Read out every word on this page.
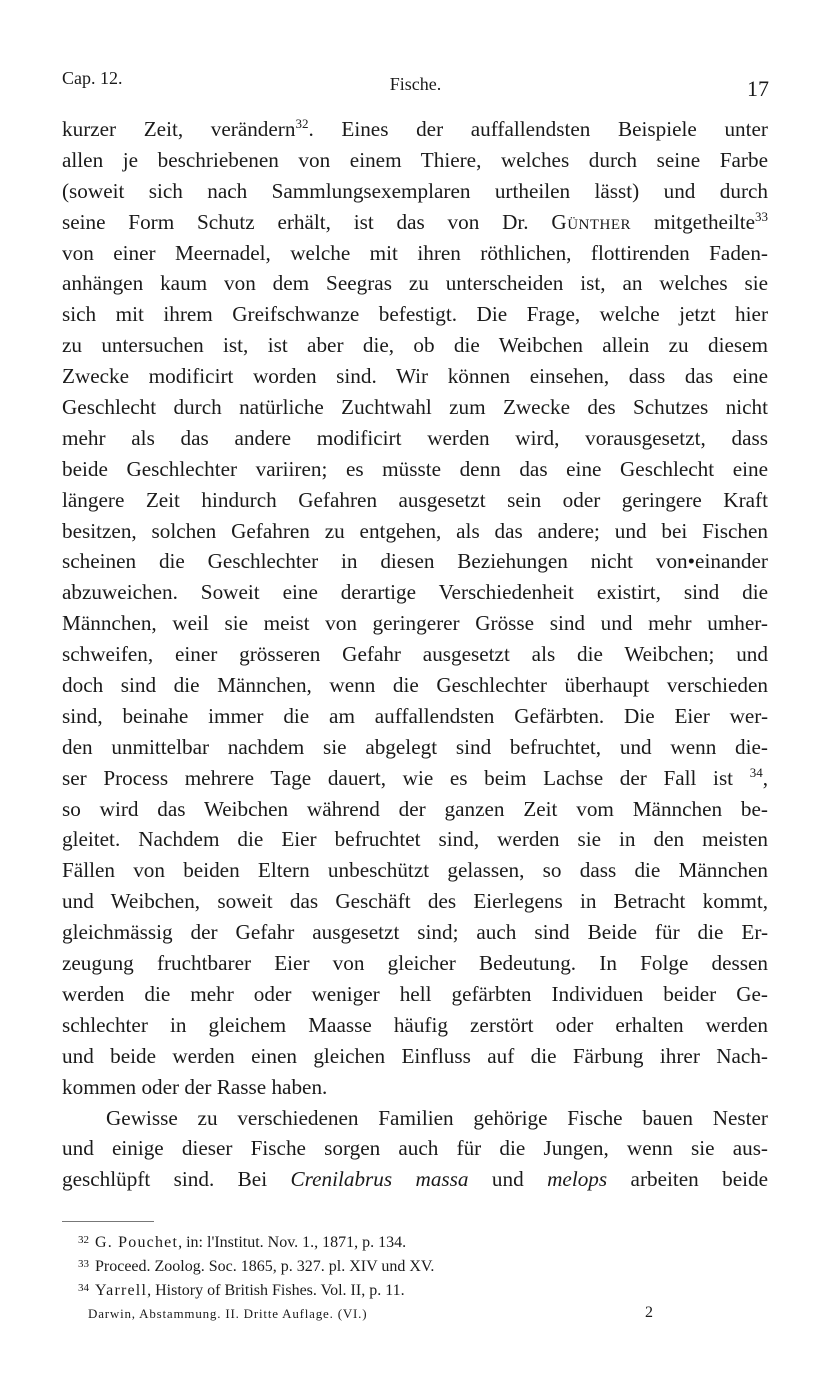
Cap. 12.	Fische.	17
kurzer Zeit, verändern$^{32}$. Eines der auffallendsten Beispiele unter
allen je beschriebenen von einem Thiere, welches durch seine Farbe
(soweit sich nach Sammlungsexemplaren urtheilen lässt) und durch
seine Form Schutz erhält, ist das von Dr. Günther mitgetheilte$^{33}$
von einer Meernadel, welche mit ihren röthlichen, flottirenden Faden-
anhängen kaum von dem Seegras zu unterscheiden ist, an welches sie
sich mit ihrem Greifschwanze befestigt. Die Frage, welche jetzt hier
zu untersuchen ist, ist aber die, ob die Weibchen allein zu diesem
Zwecke modificirt worden sind. Wir können einsehen, dass das eine
Geschlecht durch natürliche Zuchtwahl zum Zwecke des Schutzes nicht
mehr als das andere modificirt werden wird, vorausgesetzt, dass
beide Geschlechter variiren; es müsste denn das eine Geschlecht eine
längere Zeit hindurch Gefahren ausgesetzt sein oder geringere Kraft
besitzen, solchen Gefahren zu entgehen, als das andere; und bei Fischen
scheinen die Geschlechter in diesen Beziehungen nicht von•einander
abzuweichen. Soweit eine derartige Verschiedenheit existirt, sind die
Männchen, weil sie meist von geringerer Grösse sind und mehr umher-
schweifen, einer grösseren Gefahr ausgesetzt als die Weibchen; und
doch sind die Männchen, wenn die Geschlechter überhaupt verschieden
sind, beinahe immer die am auffallendsten Gefärbten. Die Eier wer-
den unmittelbar nachdem sie abgelegt sind befruchtet, und wenn die-
ser Process mehrere Tage dauert, wie es beim Lachse der Fall ist $^{34}$,
so wird das Weibchen während der ganzen Zeit vom Männchen be-
gleitet. Nachdem die Eier befruchtet sind, werden sie in den meisten
Fällen von beiden Eltern unbeschützt gelassen, so dass die Männchen
und Weibchen, soweit das Geschäft des Eierlegens in Betracht kommt,
gleichmässig der Gefahr ausgesetzt sind; auch sind Beide für die Er-
zeugung fruchtbarer Eier von gleicher Bedeutung. In Folge dessen
werden die mehr oder weniger hell gefärbten Individuen beider Ge-
schlechter in gleichem Maasse häufig zerstört oder erhalten werden
und beide werden einen gleichen Einfluss auf die Färbung ihrer Nach-
kommen oder der Rasse haben.
Gewisse zu verschiedenen Familien gehörige Fische bauen Nester
und einige dieser Fische sorgen auch für die Jungen, wenn sie aus-
geschlüpft sind. Bei Crenilabrus massa und melops arbeiten beide
$^{32}$ G. Pouchet, in: l'Institut. Nov. 1., 1871, p. 134.
$^{33}$ Proceed. Zoolog. Soc. 1865, p. 327. pl. XIV und XV.
$^{34}$ Yarrell, History of British Fishes. Vol. II, p. 11.
Darwin, Abstammung. II. Dritte Auflage. (VI.)	2
